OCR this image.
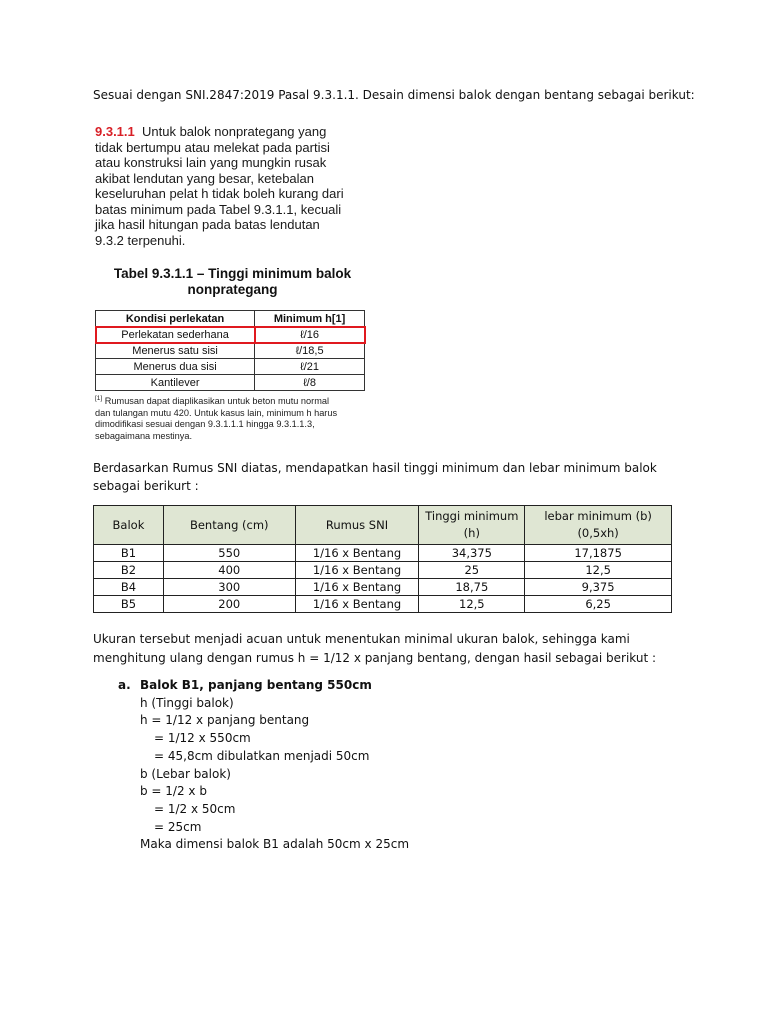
Sesuai dengan SNI.2847:2019 Pasal 9.3.1.1. Desain dimensi balok dengan bentang sebagai berikut:
9.3.1.1 Untuk balok nonprategang yang
tidak bertumpu atau melekat pada partisi
atau konstruksi lain yang mungkin rusak
akibat lendutan yang besar, ketebalan
keseluruhan pelat h tidak boleh kurang dari
batas minimum pada Tabel 9.3.1.1, kecuali
jika hasil hitungan pada batas lendutan
9.3.2 terpenuhi.
Tabel 9.3.1.1 – Tinggi minimum balok
nonprategang
Kondisi perlekatan	Minimum h[1]
Perlekatan sederhana	ℓ/16
Menerus satu sisi	ℓ/18,5
Menerus dua sisi	ℓ/21
Kantilever	ℓ/8
[1] Rumusan dapat diaplikasikan untuk beton mutu normal
dan tulangan mutu 420. Untuk kasus lain, minimum h harus
dimodifikasi sesuai dengan 9.3.1.1.1 hingga 9.3.1.1.3,
sebagaimana mestinya.
Berdasarkan Rumus SNI diatas, mendapatkan hasil tinggi minimum dan lebar minimum balok
sebagai berikurt :
Balok	Bentang (cm)	Rumus SNI	Tinggi minimum (h)	lebar minimum (b) (0,5xh)
B1	550	1/16 x Bentang	34,375	17,1875
B2	400	1/16 x Bentang	25	12,5
B4	300	1/16 x Bentang	18,75	9,375
B5	200	1/16 x Bentang	12,5	6,25
Ukuran tersebut menjadi acuan untuk menentukan minimal ukuran balok, sehingga kami
menghitung ulang dengan rumus h = 1/12 x panjang bentang, dengan hasil sebagai berikut :
a. Balok B1, panjang bentang 550cm
h (Tinggi balok)
h = 1/12 x panjang bentang
= 1/12 x 550cm
= 45,8cm dibulatkan menjadi 50cm
b (Lebar balok)
b = 1/2 x b
= 1/2 x 50cm
= 25cm
Maka dimensi balok B1 adalah 50cm x 25cm
